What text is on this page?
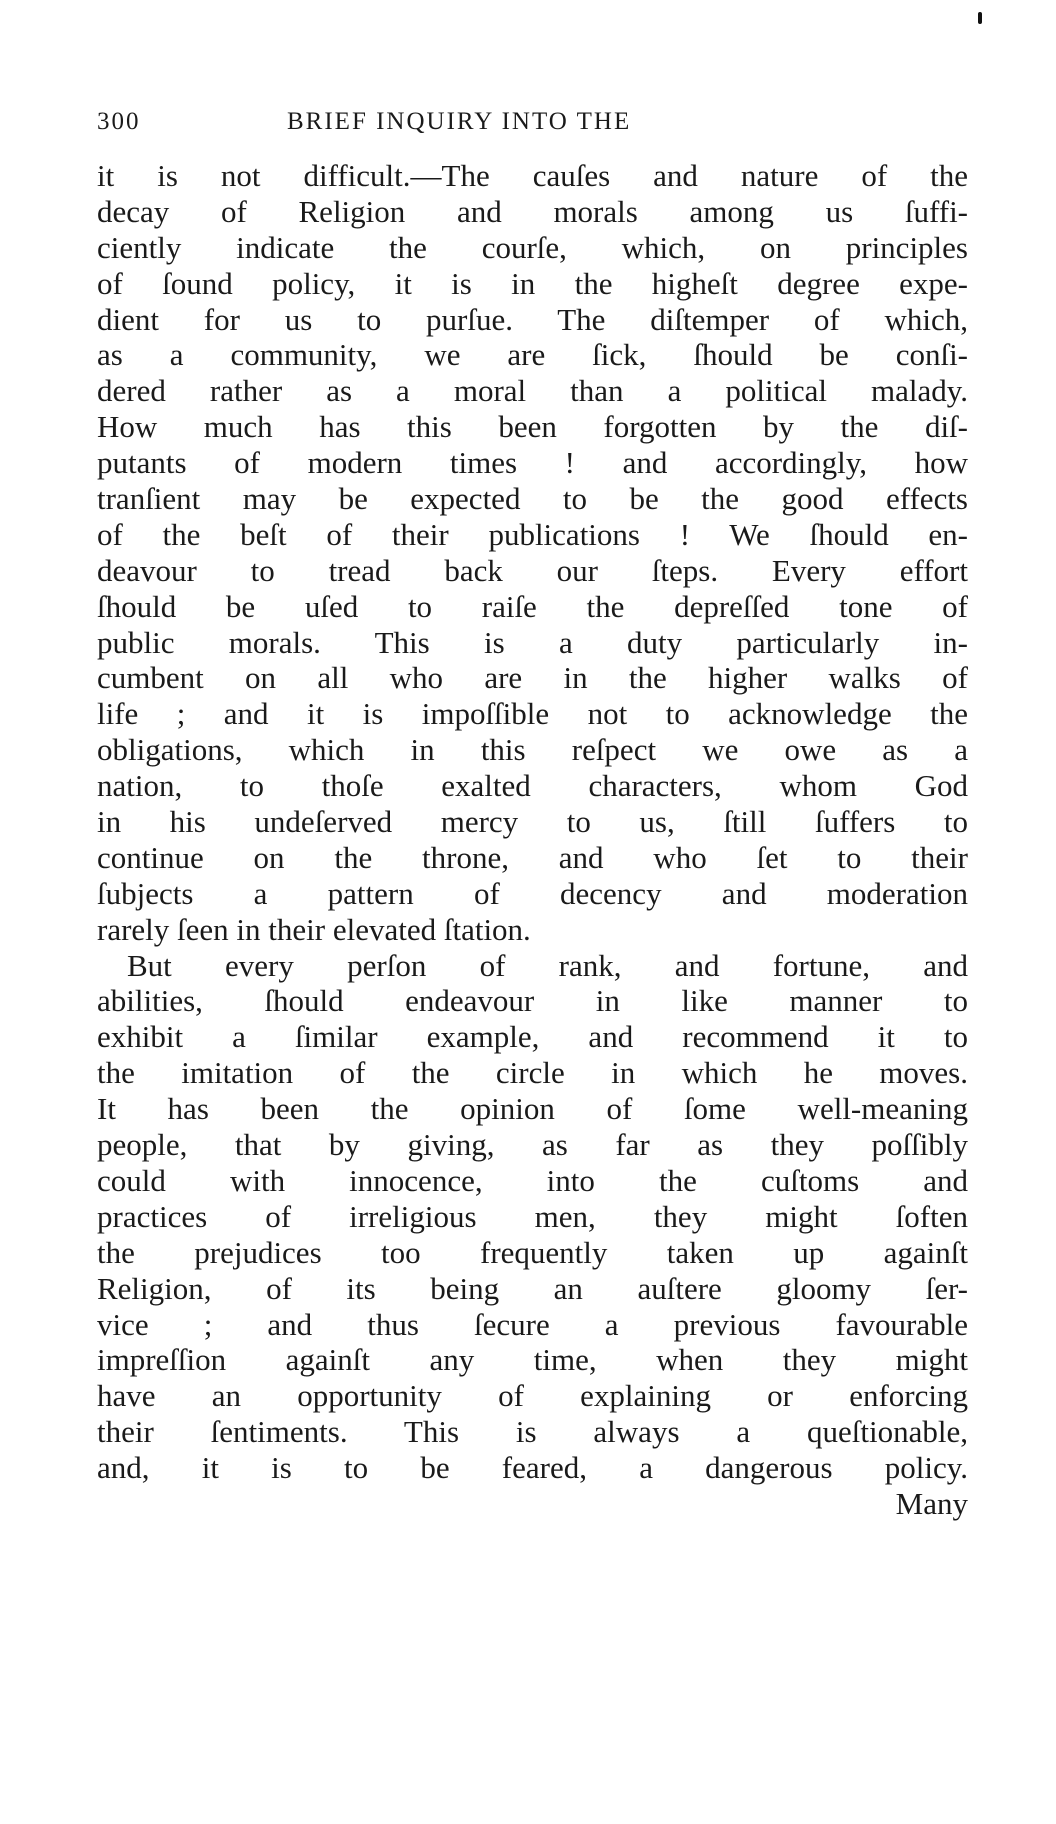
300	BRIEF INQUIRY INTO THE
it is not difficult.—The cauſes and nature of the
decay of Religion and morals among us ſuffi-
ciently indicate the courſe, which, on principles
of ſound policy, it is in the higheſt degree expe-
dient for us to purſue. The diſtemper of which,
as a community, we are ſick, ſhould be conſi-
dered rather as a moral than a political malady.
How much has this been forgotten by the diſ-
putants of modern times ! and accordingly, how
tranſient may be expected to be the good effects
of the beſt of their publications ! We ſhould en-
deavour to tread back our ſteps. Every effort
ſhould be uſed to raiſe the depreſſed tone of
public morals. This is a duty particularly in-
cumbent on all who are in the higher walks of
life ; and it is impoſſible not to acknowledge the
obligations, which in this reſpect we owe as a
nation, to thoſe exalted characters, whom God
in his undeſerved mercy to us, ſtill ſuffers to
continue on the throne, and who ſet to their
ſubjects a pattern of decency and moderation
rarely ſeen in their elevated ſtation.
But every perſon of rank, and fortune, and
abilities, ſhould endeavour in like manner to
exhibit a ſimilar example, and recommend it to
the imitation of the circle in which he moves.
It has been the opinion of ſome well-meaning
people, that by giving, as far as they poſſibly
could with innocence, into the cuſtoms and
practices of irreligious men, they might ſoften
the prejudices too frequently taken up againſt
Religion, of its being an auſtere gloomy ſer-
vice ; and thus ſecure a previous favourable
impreſſion againſt any time, when they might
have an opportunity of explaining or enforcing
their ſentiments. This is always a queſtionable,
and, it is to be feared, a dangerous policy.
Many
